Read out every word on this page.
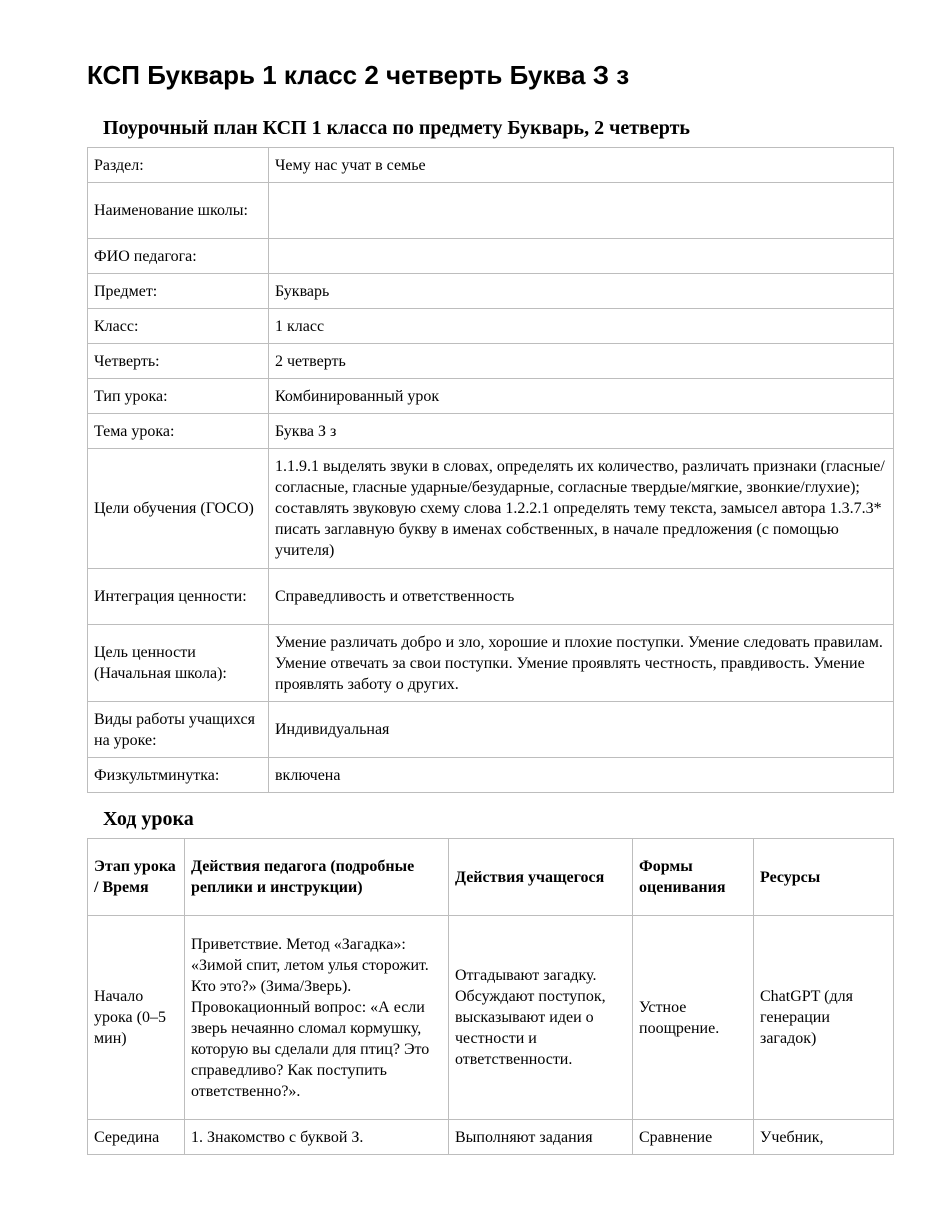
КСП Букварь 1 класс 2 четверть Буква З з
Поурочный план КСП 1 класса по предмету Букварь, 2 четверть
Раздел:	Чему нас учат в семье
Наименование школы:	
ФИО педагога:	
Предмет:	Букварь
Класс:	1 класс
Четверть:	2 четверть
Тип урока:	Комбинированный урок
Тема урока:	Буква З з
Цели обучения (ГОСО)	1.1.9.1 выделять звуки в словах, определять их количество, различать признаки (гласные/ согласные, гласные ударные/безударные, согласные твердые/мягкие, звонкие/глухие); составлять звуковую схему слова 1.2.2.1 определять тему текста, замысел автора 1.3.7.3* писать заглавную букву в именах собственных, в начале предложения (с помощью учителя)
Интеграция ценности:	Справедливость и ответственность
Цель ценности (Начальная школа):	Умение различать добро и зло, хорошие и плохие поступки. Умение следовать правилам. Умение отвечать за свои поступки. Умение проявлять честность, правдивость. Умение проявлять заботу о других.
Виды работы учащихся на уроке:	Индивидуальная
Физкультминутка:	включена
Ход урока
Этап урока / Время	Действия педагога (подробные реплики и инструкции)	Действия учащегося	Формы оценивания	Ресурсы
Начало урока (0–5 мин)	Приветствие. Метод «Загадка»: «Зимой спит, летом улья сторожит. Кто это?» (Зима/Зверь). Провокационный вопрос: «А если зверь нечаянно сломал кормушку, которую вы сделали для птиц? Это справедливо? Как поступить ответственно?».	Отгадывают загадку. Обсуждают поступок, высказывают идеи о честности и ответственности.	Устное поощрение.	ChatGPT (для генерации загадок)
Середина	1. Знакомство с буквой З.	Выполняют задания	Сравнение	Учебник,
